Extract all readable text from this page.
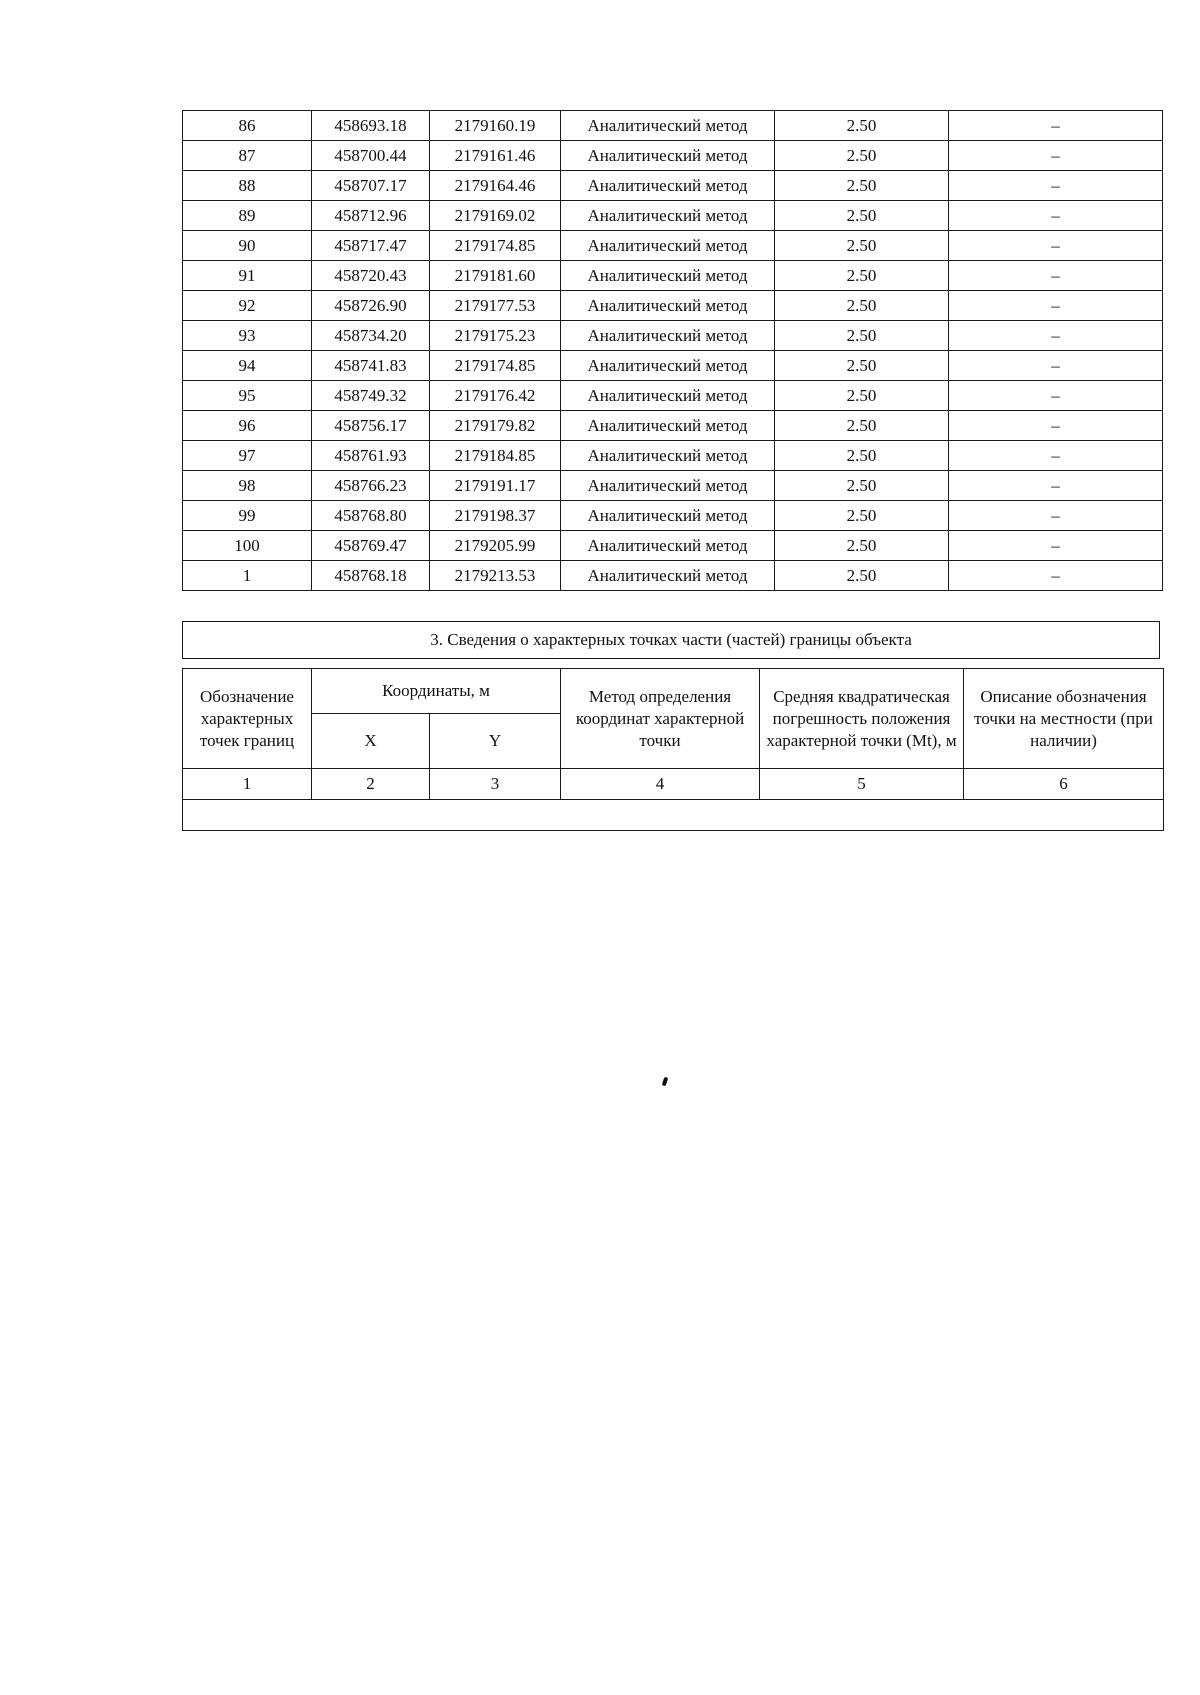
86	458693.18	2179160.19	Аналитический метод	2.50	–
87	458700.44	2179161.46	Аналитический метод	2.50	–
88	458707.17	2179164.46	Аналитический метод	2.50	–
89	458712.96	2179169.02	Аналитический метод	2.50	–
90	458717.47	2179174.85	Аналитический метод	2.50	–
91	458720.43	2179181.60	Аналитический метод	2.50	–
92	458726.90	2179177.53	Аналитический метод	2.50	–
93	458734.20	2179175.23	Аналитический метод	2.50	–
94	458741.83	2179174.85	Аналитический метод	2.50	–
95	458749.32	2179176.42	Аналитический метод	2.50	–
96	458756.17	2179179.82	Аналитический метод	2.50	–
97	458761.93	2179184.85	Аналитический метод	2.50	–
98	458766.23	2179191.17	Аналитический метод	2.50	–
99	458768.80	2179198.37	Аналитический метод	2.50	–
100	458769.47	2179205.99	Аналитический метод	2.50	–
1	458768.18	2179213.53	Аналитический метод	2.50	–
3. Сведения о характерных точках части (частей) границы объекта
Обозначение характерных точек границ	Координаты, м		Метод определения координат характерной точки	Средняя квадратическая погрешность положения характерной точки (Mt), м	Описание обозначения точки на местности (при наличии)
	X	Y			
1	2	3	4	5	6
